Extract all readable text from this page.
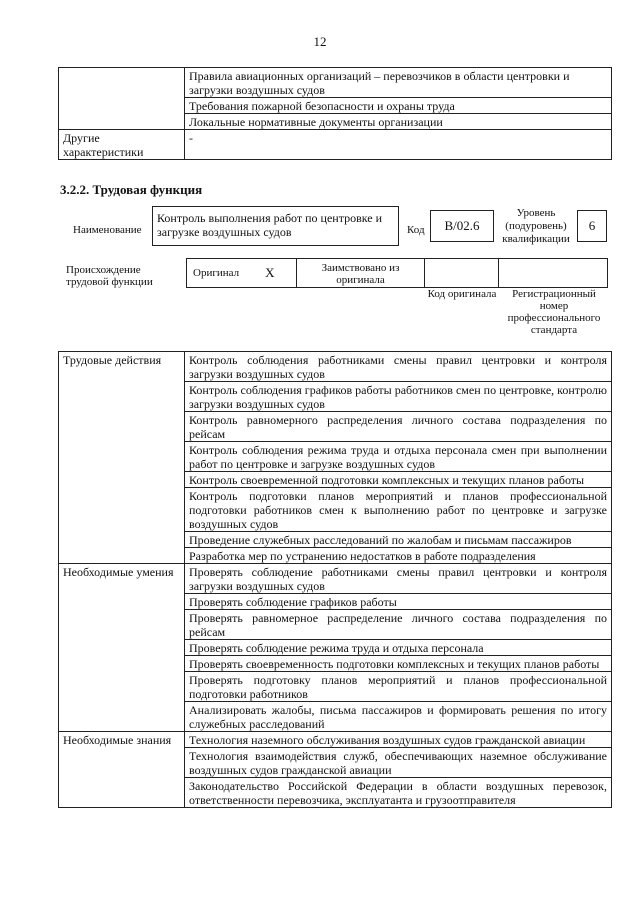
12
	Правила авиационных организаций – перевозчиков в области центровки и загрузки воздушных судов
	Требования пожарной безопасности и охраны труда
	Локальные нормативные документы организации
Другие характеристики	-
3.2.2. Трудовая функция
Наименование
Контроль выполнения работ по центровке и загрузке воздушных судов	Код	B/02.6
Уровень (подуровень) квалификации
6
Происхождение трудовой функции
Оригинал X	Заимствовано из оригинала
Код оригинала	Регистрационный номер профессионального стандарта
Трудовые действия	Контроль соблюдения работниками смены правил центровки и контроля загрузки воздушных судов
	Контроль соблюдения графиков работы работников смен по центровке, контролю загрузки воздушных судов
	Контроль равномерного распределения личного состава подразделения по рейсам
	Контроль соблюдения режима труда и отдыха персонала смен при выполнении работ по центровке и загрузке воздушных судов
	Контроль своевременной подготовки комплексных и текущих планов работы
	Контроль подготовки планов мероприятий и планов профессиональной подготовки работников смен к выполнению работ по центровке и загрузке воздушных судов
	Проведение служебных расследований по жалобам и письмам пассажиров
	Разработка мер по устранению недостатков в работе подразделения
Необходимые умения	Проверять соблюдение работниками смены правил центровки и контроля загрузки воздушных судов
	Проверять соблюдение графиков работы
	Проверять равномерное распределение личного состава подразделения по рейсам
	Проверять соблюдение режима труда и отдыха персонала
	Проверять своевременность подготовки комплексных и текущих планов работы
	Проверять подготовку планов мероприятий и планов профессиональной подготовки работников
	Анализировать жалобы, письма пассажиров и формировать решения по итогу служебных расследований
Необходимые знания	Технология наземного обслуживания воздушных судов гражданской авиации
	Технология взаимодействия служб, обеспечивающих наземное обслуживание воздушных судов гражданской авиации
	Законодательство Российской Федерации в области воздушных перевозок, ответственности перевозчика, эксплуатанта и грузоотправителя
